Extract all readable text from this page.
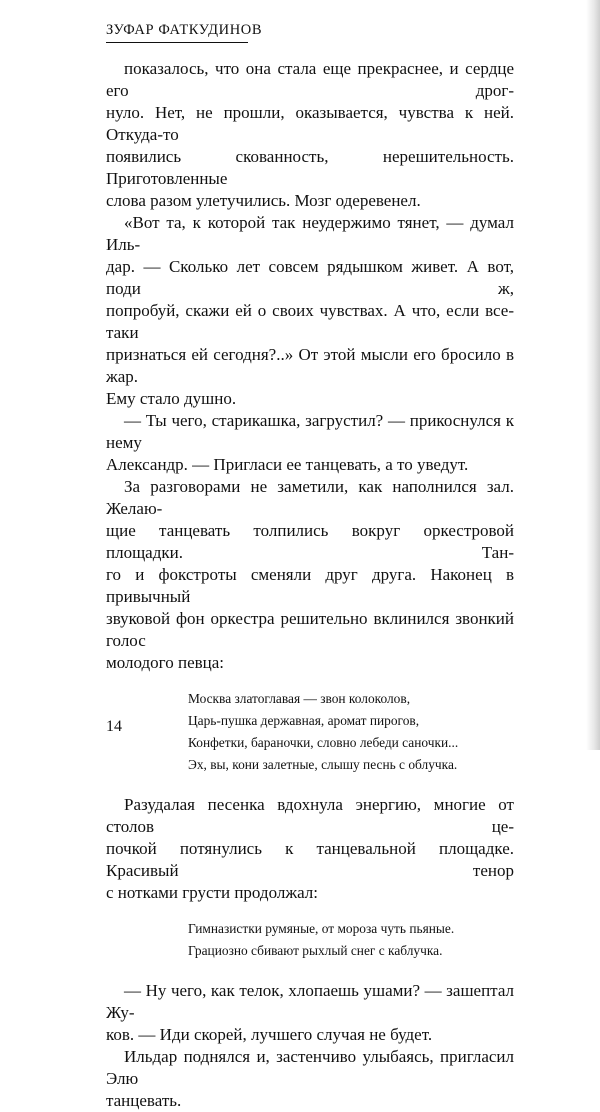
ЗУФАР ФАТКУДИНОВ
показалось, что она стала еще прекраснее, и сердце его дрог-
нуло. Нет, не прошли, оказывается, чувства к ней. Откуда-то
появились скованность, нерешительность. Приготовленные
слова разом улетучились. Мозг одеревенел.
«Вот та, к которой так неудержимо тянет, — думал Иль-
дар. — Сколько лет совсем рядышком живет. А вот, поди ж,
попробуй, скажи ей о своих чувствах. А что, если все-таки
признаться ей сегодня?..» От этой мысли его бросило в жар.
Ему стало душно.
— Ты чего, старикашка, загрустил? — прикоснулся к нему
Александр. — Пригласи ее танцевать, а то уведут.
За разговорами не заметили, как наполнился зал. Желаю-
щие танцевать толпились вокруг оркестровой площадки. Тан-
го и фокстроты сменяли друг друга. Наконец в привычный
звуковой фон оркестра решительно вклинился звонкий голос
молодого певца:
Москва златоглавая — звон колоколов,
Царь-пушка державная, аромат пирогов,
Конфетки, бараночки, словно лебеди саночки...
Эх, вы, кони залетные, слышу песнь с облучка.
Разудалая песенка вдохнула энергию, многие от столов це-
почкой потянулись к танцевальной площадке. Красивый тенор
с нотками грусти продолжал:
Гимназистки румяные, от мороза чуть пьяные.
Грациозно сбивают рыхлый снег с каблучка.
— Ну чего, как телок, хлопаешь ушами? — зашептал Жу-
ков. — Иди скорей, лучшего случая не будет.
Ильдар поднялся и, застенчиво улыбаясь, пригласил Элю
танцевать.
14
